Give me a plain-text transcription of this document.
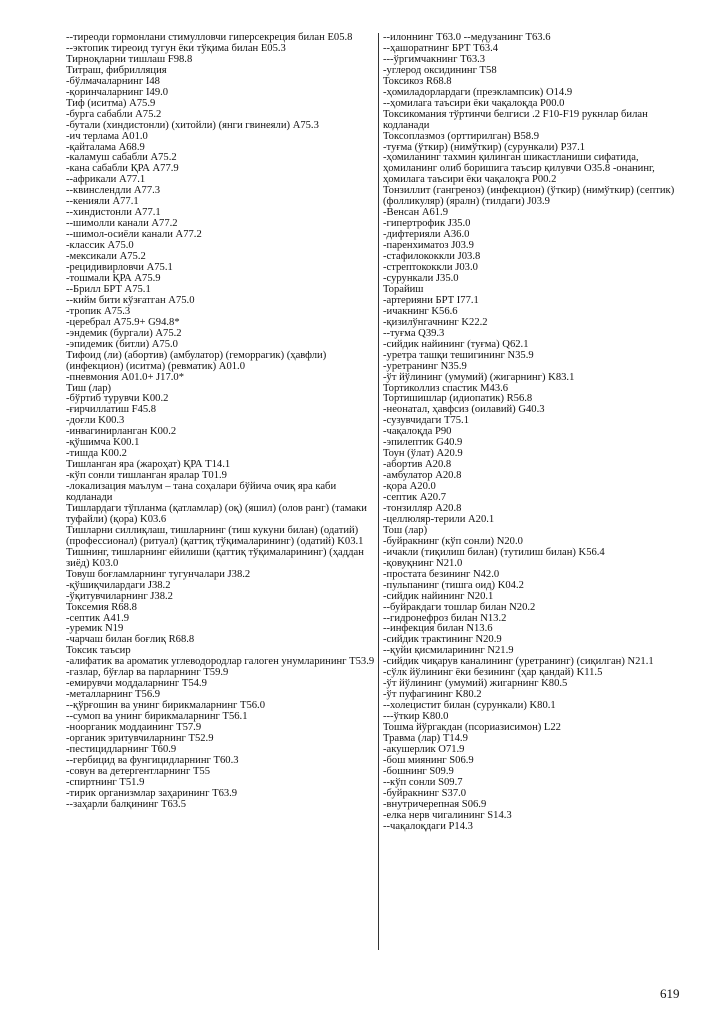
--тиреоди гормонлани стимулловчи гиперсекреция билан E05.8
--эктопик тиреоид тугун ёки тўқима билан E05.3
Тирноқларни тишлаш F98.8
Титраш, фибрилляция
-бўлмачаларнинг I48
-қоринчаларнинг I49.0
Тиф (иситма) A75.9
-бурга сабабли A75.2
-бутали (хиндистонли) (хитойли) (янги гвинеяли) A75.3
-ич терлама A01.0
-қайталама A68.9
-каламуш сабабли A75.2
-кана сабабли ҚРА A77.9
--африкали A77.1
--квинслендли A77.3
--кенияли A77.1
--хиндистонли A77.1
--шимолли канали A77.2
--шимол-осиёли канали A77.2
-классик A75.0
-мексикали A75.2
-рецидивирловчи A75.1
-тошмали ҚРА A75.9
--Брилл БРТ A75.1
--кийм бити кўзғатган A75.0
-тропик A75.3
-церебрал A75.9+ G94.8*
-эндемик (бургали) A75.2
-эпидемик (битли) A75.0
Тифоид (ли) (абортив) (амбулатор) (геморрагик) (ҳавфли) (инфекцион) (иситма) (ревматик) A01.0
-пневмония A01.0+ J17.0*
Тиш (лар)
-бўртиб турувчи K00.2
-ғирчиллатиш F45.8
-доғли K00.3
-инвагинирланган K00.2
-қўшимча K00.1
-тишда K00.2
Тишланган яра (жароҳат) ҚРА T14.1
-кўп сонли тишланган яралар T01.9
-локализация маълум – тана соҳалари бўйича очиқ яра каби кодланади
Тишлардаги тўпланма (қатламлар) (оқ) (яшил) (олов ранг) (тамаки туфайли) (қора) K03.6
Тишларни силлиқлаш, тишларнинг (тиш кукуни билан) (одатий) (профессионал) (ритуал) (қаттиқ тўқималарининг) (одатий) K03.1
Тишнинг, тишларнинг ейилиши (қаттиқ тўқималарининг) (ҳаддан зиёд) K03.0
Товуш боғламларнинг тугунчалари J38.2
-қўшиқчилардаги J38.2
-ўқитувчиларнинг J38.2
Токсемия R68.8
-септик A41.9
-уремик N19
-чарчаш билан боғлиқ R68.8
Токсик таъсир
-алифатик ва ароматик углеводородлар галоген унумларининг T53.9
-газлар, бўғлар ва парларнинг T59.9
-емирувчи моддаларнинг T54.9
-металларнинг T56.9
--қўрғошин ва унинг бирикмаларнинг T56.0
--сумоп ва унинг бирикмаларнинг T56.1
-ноорганик моддаининг T57.9
-органик эритувчиларнинг T52.9
-пестицидларнинг T60.9
--гербицид ва фунгицидларнинг T60.3
-совун ва детергентларнинг T55
-спиртнинг T51.9
-тирик организмлар заҳарининг T63.9
--заҳарли балқининг T63.5
--илоннинг T63.0 --медузанинг T63.6
--ҳашоратнинг БРТ T63.4
---ўргимчакнинг T63.3
-углерод оксидининг T58
Токсикоз R68.8
-ҳомиладорлардаги (преэклампсик) O14.9
--ҳомилага таъсири ёки чақалоқда P00.0
Токсикомания тўртинчи белгиси .2 F10-F19 рукнлар билан кодланади
Токсоплазмоз (орттирилган) B58.9
-туғма (ўткир) (нимўткир) (сурункали) P37.1
-ҳомиланинг тахмин қилинган шикастланиши сифатида, ҳомиланинг олиб боришига таъсир қилувчи O35.8 -онанинг, ҳомилага таъсири ёки чақалоқга P00.2
Тонзиллит (гангреноз) (инфекцион) (ўткир) (нимўткир) (септик) (фолликуляр) (яралн) (тилдаги) J03.9
-Венсан A61.9
-гипертрофик J35.0
-дифтерияли A36.0
-паренхиматоз J03.9
-стафилококкли J03.8
-стрептококкли J03.0
-сурункали J35.0
Торайиш
-артерияни БРТ I77.1
-ичакнинг K56.6
-қизилўнгачнинг K22.2
--туғма Q39.3
-сийдик найининг (туғма) Q62.1
-уретра ташқи тешигининг N35.9
-уретранинг N35.9
-ўт йўлининг (умумий) (жигарнинг) K83.1
Тортиколлиз спастик M43.6
Тортишишлар (идиопатик) R56.8
-неонатал, ҳавфсиз (оилавий) G40.3
-сузувчидаги T75.1
-чақалоқда P90
-эпилептик G40.9
Тоун (ўлат) A20.9
-абортив A20.8
-амбулатор A20.8
-қора A20.0
-септик A20.7
-тонзилляр A20.8
-целлюляр-терили A20.1
Тош (лар)
-буйракнинг (кўп сонли) N20.0
-ичакли (тиқилиш билан) (тутилиш билан) K56.4
-қовуқнинг N21.0
-простата безининг N42.0
-пульпанинг (тишга оид) K04.2
-сийдик найининг N20.1
--буйракдаги тошлар билан N20.2
--гидронефроз билан N13.2
--инфекция билан N13.6
-сийдик трактининг N20.9
--қуйи қисмиларининг N21.9
-сийдик чиқарув каналининг (уретранинг) (сиқилган) N21.1
-сўлк йўлининг ёки безининг (ҳар қандай) K11.5
-ўт йўлининг (умумий) жигарнинг K80.5
-ўт пуфагининг K80.2
--холецистит билан (сурункали) K80.1
---ўткир K80.0
Тошма йўргакдан (псориазисимон) L22
Травма (лар) T14.9
-акушерлик O71.9
-бош миянинг S06.9
-бошнинг S09.9
--кўп сонли S09.7
-буйракнинг S37.0
-внутричерепная S06.9
-елка нерв чигалининг S14.3
--чақалоқдаги P14.3
619
